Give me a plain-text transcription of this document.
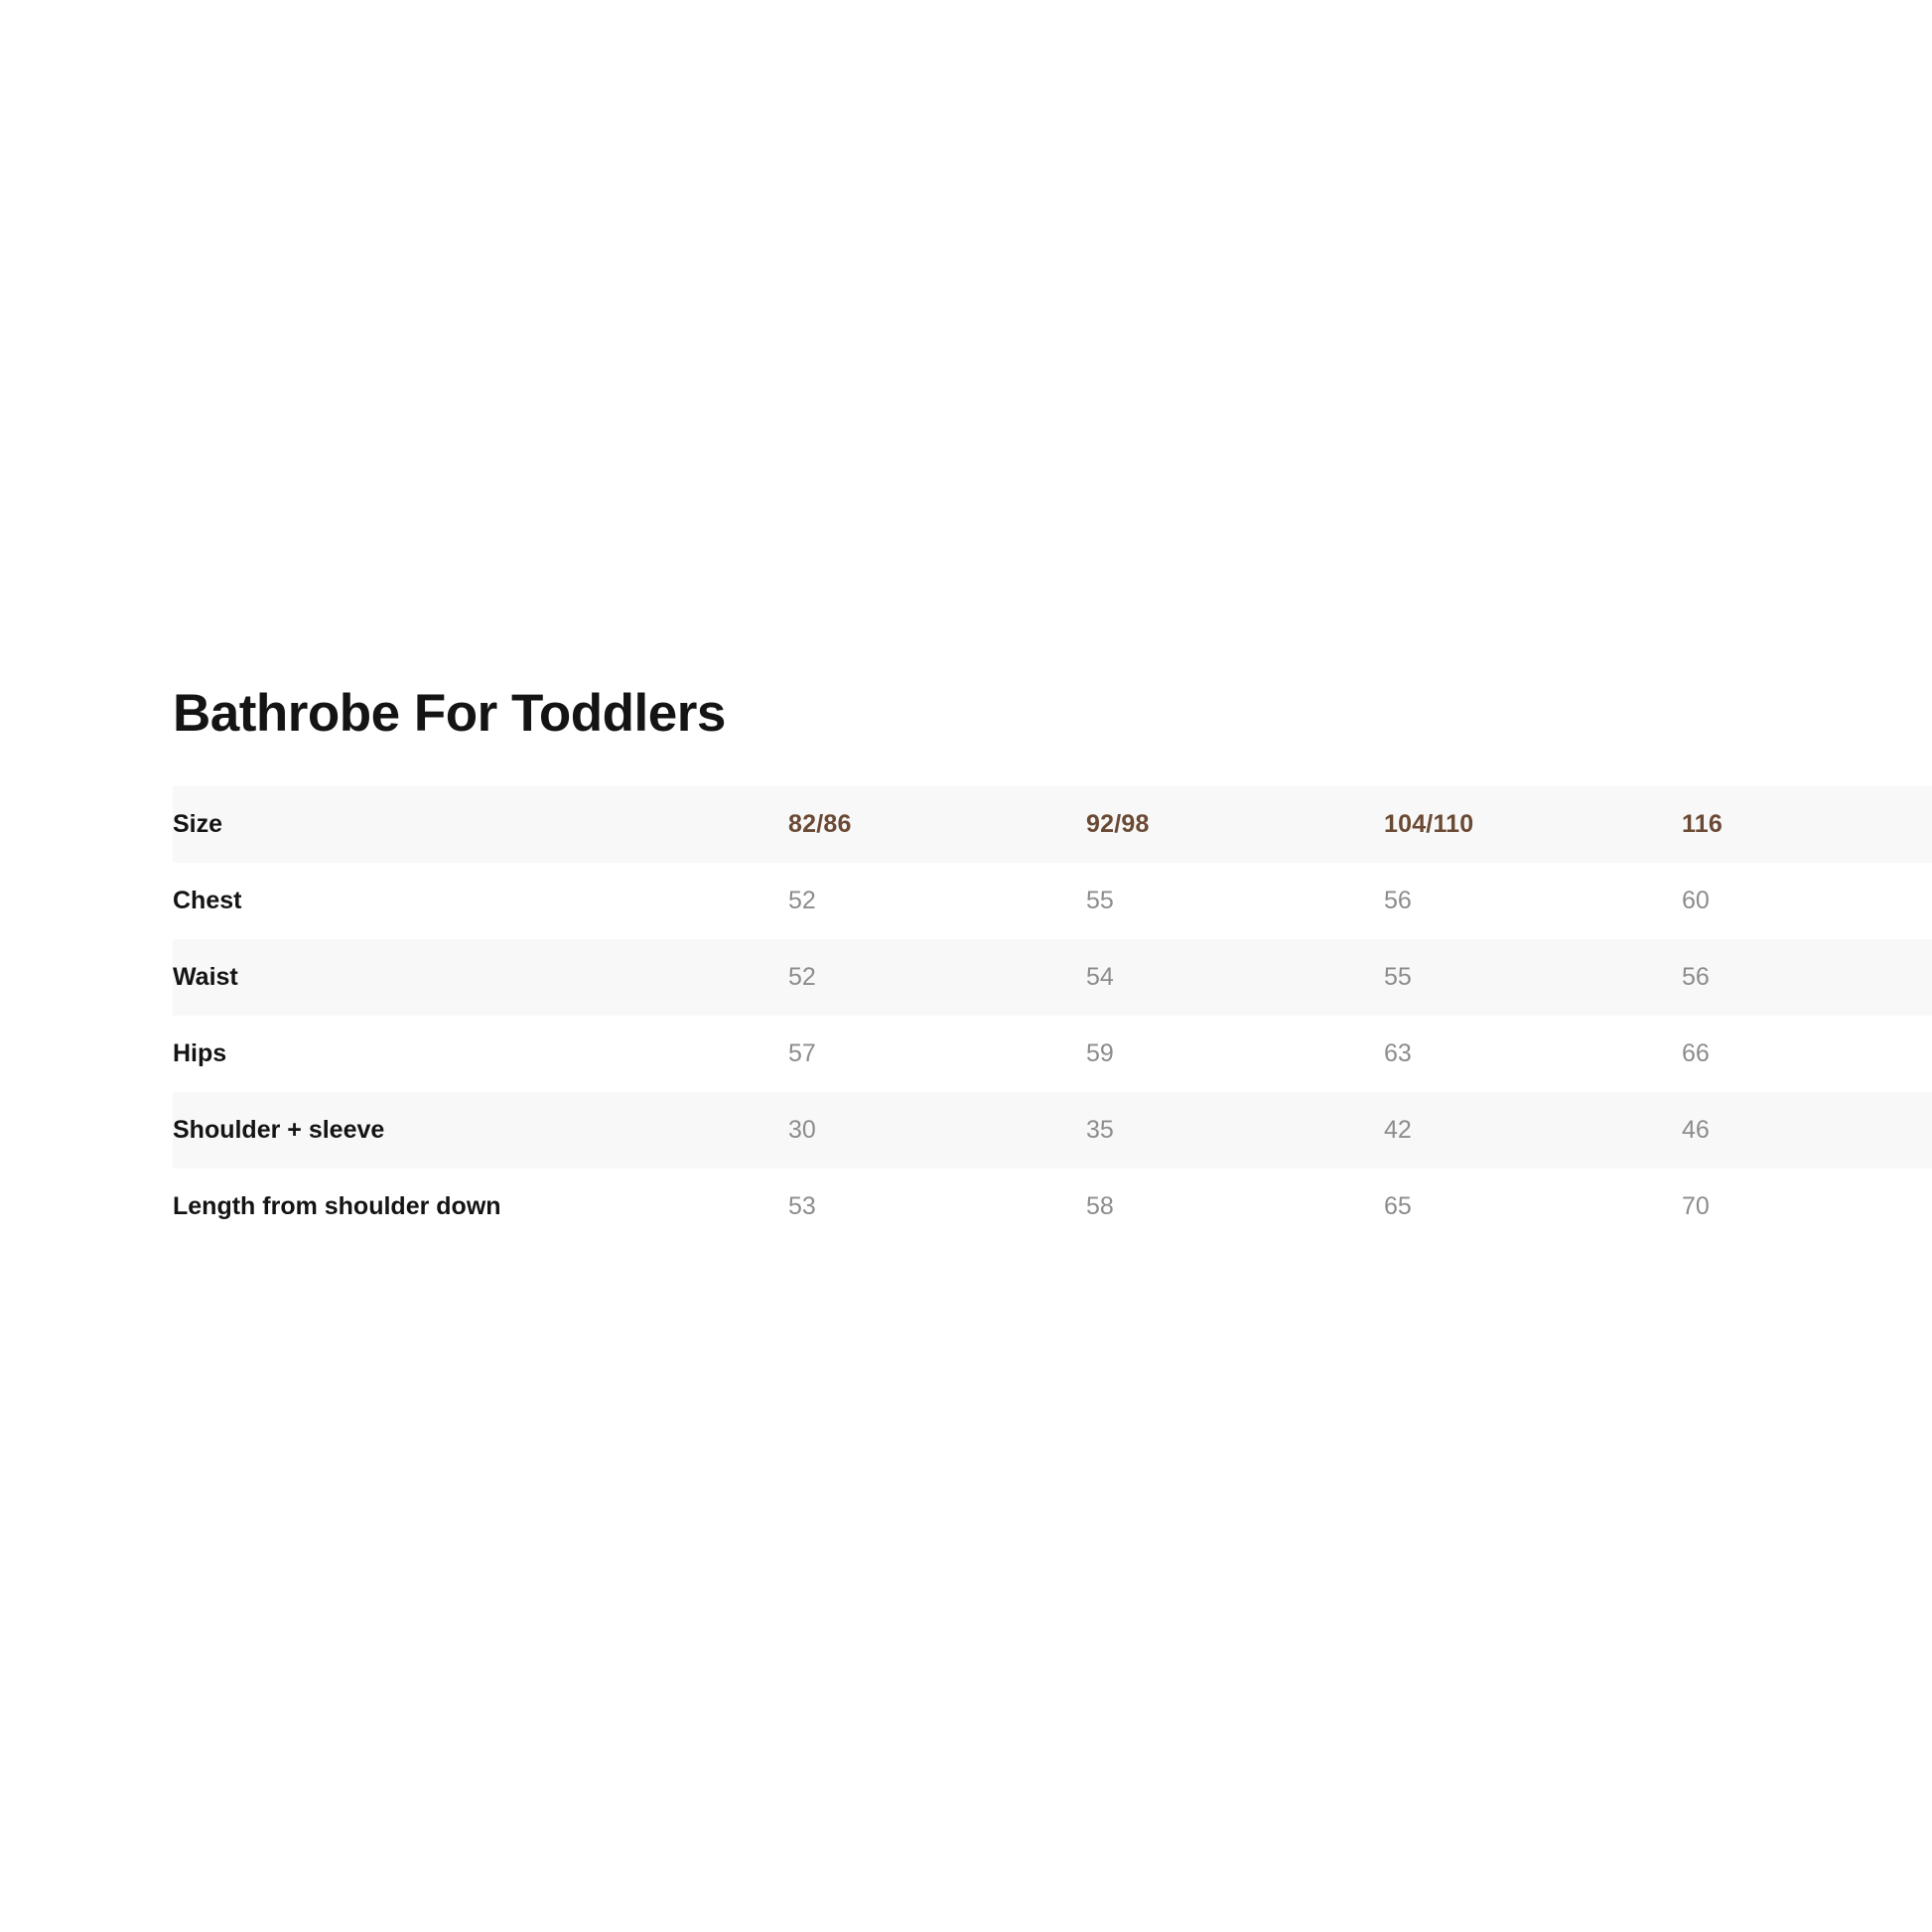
Bathrobe For Toddlers
Size	82/86	92/98	104/110	116
Chest	52	55	56	60
Waist	52	54	55	56
Hips	57	59	63	66
Shoulder + sleeve	30	35	42	46
Length from shoulder down	53	58	65	70
